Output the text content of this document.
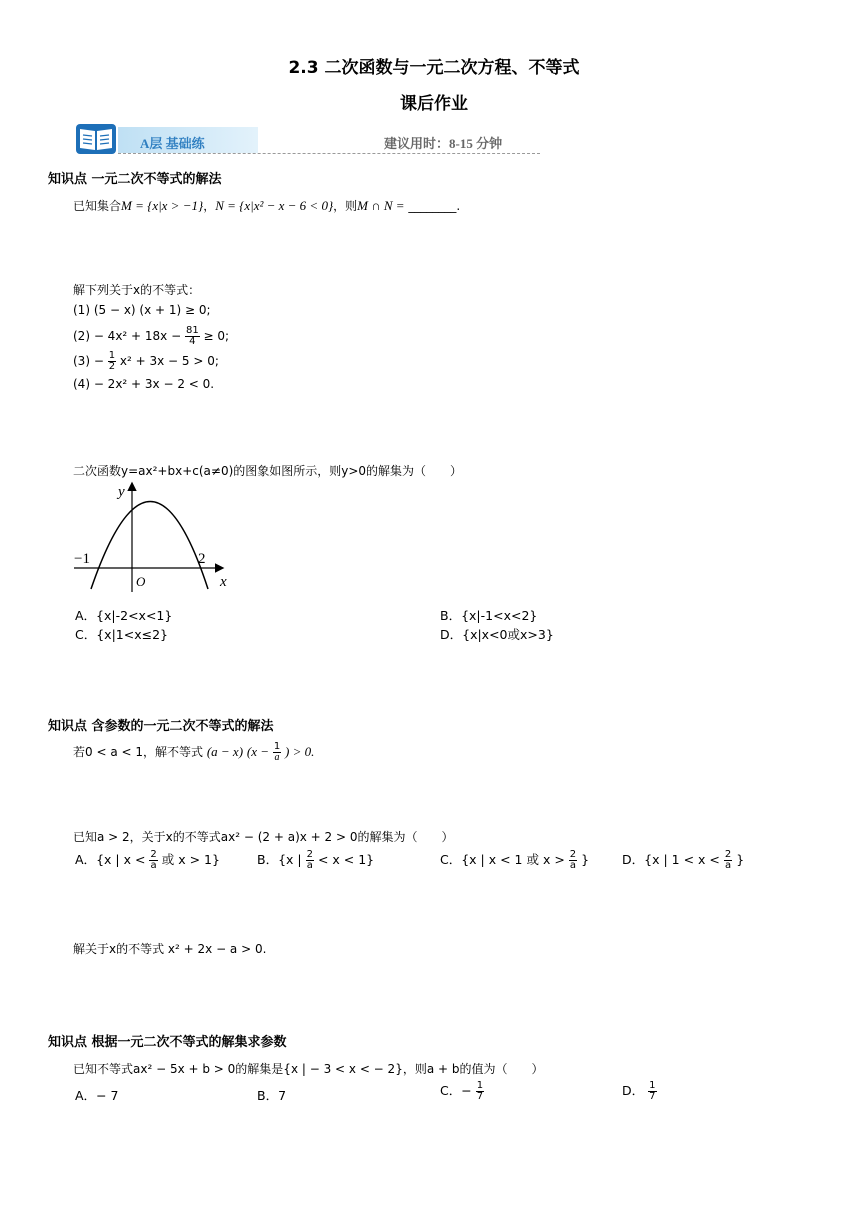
2.3 二次函数与一元二次方程、不等式
课后作业
A层 基础练	建议用时：8-15 分钟
知识点 一元二次不等式的解法
已知集合M = {x|x > −1}，N = {x|x² − x − 6 < 0}，则M ∩ N = ________.
解下列关于x的不等式：
(1) (5 − x) (x + 1) ≥ 0;
$(2) - 4x^2 + 18x - \frac{81}{4} \ge 0$;
$(3) - \frac{1}{2} x^2 + 3x - 5 > 0$;
(4) − 2x² + 3x − 2 < 0.
二次函数y=ax²+bx+c(a≠0)的图象如图所示，则y>0的解集为（　　）
y
x
O
−1	2
A．{x|-2<x<1}	B．{x|-1<x<2}
C．{x|1<x≤2}	D．{x|x<0或x>3}
知识点 含参数的一元二次不等式的解法
若0 < a < 1，解不等式 (a − x) ($x - \frac{1}{a}$ ) > 0.
已知a > 2，关于x的不等式ax² − (2 + a)x + 2 > 0的解集为（　　）
A．{x | $x < \frac{2}{a}$ 或 x > 1}	B．{x | $\frac{2}{a} < x < 1$}	C．{x | x < 1 或 $x > \frac{2}{a}$ }	D．{x | $1 < x < \frac{2}{a}$ }
解关于x的不等式 x² + 2x − a > 0.
知识点 根据一元二次不等式的解集求参数
已知不等式ax² − 5x + b > 0的解集是{x | − 3 < x < − 2}，则a + b的值为（　　）
A．− 7	B．7	C．− $\frac{1}{7}$	D． $\frac{1}{7}$
